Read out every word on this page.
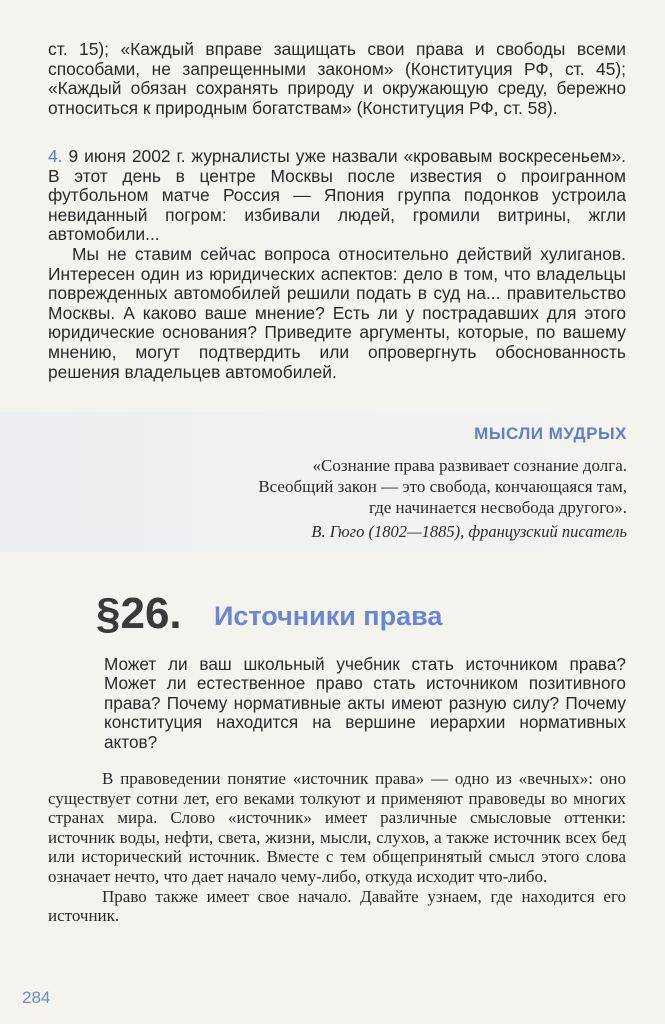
ст. 15); «Каждый вправе защищать свои права и свободы всеми способами, не запрещенными законом» (Конституция РФ, ст. 45); «Каждый обязан сохранять природу и окружающую среду, бережно относиться к природным богатствам» (Конституция РФ, ст. 58).

4. 9 июня 2002 г. журналисты уже назвали «кровавым воскресеньем». В этот день в центре Москвы после известия о проигранном футбольном матче Россия — Япония группа подонков устроила невиданный погром: избивали людей, громили витрины, жгли автомобили...

Мы не ставим сейчас вопроса относительно действий хулиганов. Интересен один из юридических аспектов: дело в том, что владельцы поврежденных автомобилей решили подать в суд на... правительство Москвы. А каково ваше мнение? Есть ли у пострадавших для этого юридические основания? Приведите аргументы, которые, по вашему мнению, могут подтвердить или опровергнуть обоснованность решения владельцев автомобилей.

МЫСЛИ МУДРЫХ
«Сознание права развивает сознание долга.
Всеобщий закон — это свобода, кончающаяся там,
где начинается несвобода другого».
В. Гюго (1802—1885), французский писатель
§26. Источники права
Может ли ваш школьный учебник стать источником права? Может ли естественное право стать источником позитивного права? Почему нормативные акты имеют разную силу? Почему конституция находится на вершине иерархии нормативных актов?

В правоведении понятие «источник права» — одно из «вечных»: оно существует сотни лет, его веками толкуют и применяют правоведы во многих странах мира. Слово «источник» имеет различные смысловые оттенки: источник воды, нефти, света, жизни, мысли, слухов, а также источник всех бед или исторический источник. Вместе с тем общепринятый смысл этого слова означает нечто, что дает начало чему-либо, откуда исходит что-либо.

Право также имеет свое начало. Давайте узнаем, где находится его источник.

284
